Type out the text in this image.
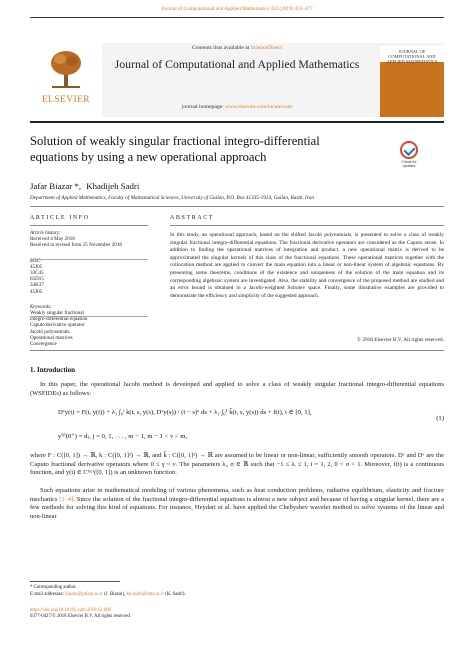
Journal of Computational and Applied Mathematics 352 (2019) 453–477
ELSEVIER
Contents lists available at ScienceDirect
Journal of Computational and Applied Mathematics
journal homepage: www.elsevier.com/locate/cam
JOURNAL OF COMPUTATIONAL AND APPLIED MATHEMATICS
Solution of weakly singular fractional integro-differential equations by using a new operational approach	Check for updates
Jafar Biazar *, Khadijeh Sadri
Department of Applied Mathematics, Faculty of Mathematical Sciences, University of Guilan, P.O. Box 41335-1914, Guilan, Rasht, Iran
ARTICLE INFO	ABSTRACT
Article history:
Received 4 May 2018
Received in revised form 25 November 2018
MSC:
45J05
33C45
65D15
34K37
45J05
Keywords:
Weakly singular fractional
integro-differential equation
Caputo derivative operator
Jacobi polynomials
Operational matrices
Convergence
In this study, an operational approach, based on the shifted Jacobi polynomials, is presented to solve a class of weakly singular fractional integro-differential equations. The fractional derivative operators are considered as the Caputo sense. In addition to finding the operational matrices of integration and product, a new operational matrix is derived to be approximated the singular kernels of this class of the functional equations. These operational matrices together with the collocation method are applied to convert the main equation into a linear or non-linear system of algebraic equations. By presenting some theorems, conditions of the existence and uniqueness of the solution of the main equation and its corresponding algebraic system are investigated. Also, the stability and convergence of the proposed method are studied and an error bound is obtained in a Jacobi-weighted Sobolev space. Finally, some illustrative examples are provided to demonstrate the efficiency and simplicity of the suggested approach.
© 2018 Elsevier B.V. All rights reserved.
1. Introduction
In this paper, the operational Jacobi method is developed and applied to solve a class of weakly singular fractional integro-differential equations (WSFIDEs) as follows:
Dᵛy(t) = F(t, y(t)) + λ₁ ∫₀ᵗ k(t, s, y(s), Dᵛy(s)) / (t − s)ᵘ ds + λ₂ ∫₀¹ k̃(t, s, y(s)) ds + f(t), t ∈ [0, 1],
y⁽ʲ⁾(0⁺) = dⱼ, j = 0, 1, . . . , m − 1, m − 1 < ν < m,
(1)
where F : C([0, 1]) → ℝ, k : C([0, 1]²) → ℝ, and k̃ : C([0, 1]²) → ℝ are assumed to be linear or non-linear, sufficiently smooth operators. Dᵛ and Dᵛ are the Caputo fractional derivative operators where 0 ≤ γ < ν. The parameters λᵢ, σ ∈ ℝ such that −1 ≤ λᵢ ≤ 1, i = 1, 2, 0 < σ < 1. Moreover, f(t) is a continuous function, and y(t) ∈ C⁽ᵐ⁾([0, 1]) is an unknown function.
Such equations arise in mathematical modeling of various phenomena, such as heat conduction problems, radiative equilibrium, elasticity and fracture mechanics [1–4]. Since the solution of the fractional integro-differential equations is almost a new subject and because of having a singular kernel, there are a few methods for solving this kind of equations. For instance, Heydari et al. have applied the Chebyshev wavelet method to solve systems of the linear and non-linear
* Corresponding author.
E-mail addresses: biazar@guilan.ac.ir (J. Biazar), kh.sadri@uma.ac.ir (K. Sadri).
https://doi.org/10.1016/j.cam.2018.12.008
0377-0427/© 2018 Elsevier B.V. All rights reserved.
